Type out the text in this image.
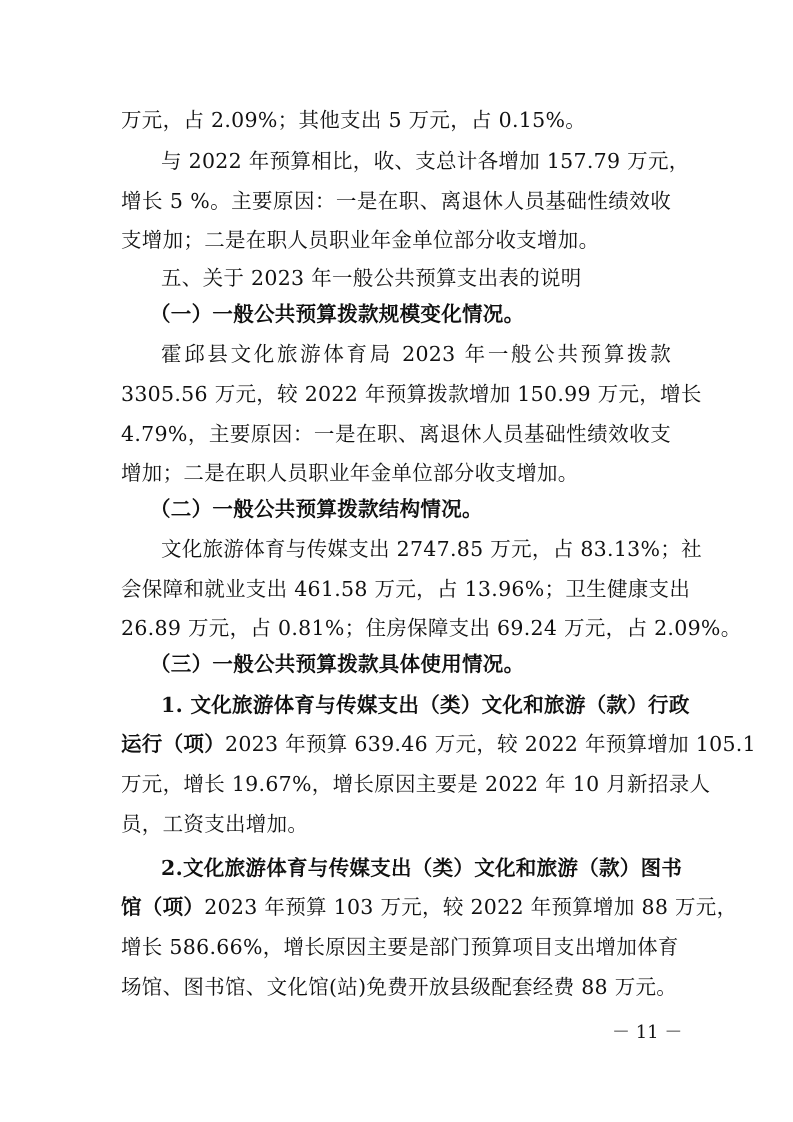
万元，占 2.09%；其他支出 5 万元，占 0.15%。
与 2022 年预算相比，收、支总计各增加 157.79 万元，
增长 5 %。主要原因：一是在职、离退休人员基础性绩效收
支增加；二是在职人员职业年金单位部分收支增加。
五、关于 2023 年一般公共预算支出表的说明
（一）一般公共预算拨款规模变化情况。
霍邱县文化旅游体育局 2023 年一般公共预算拨款
3305.56 万元，较 2022 年预算拨款增加 150.99 万元，增长
4.79%，主要原因：一是在职、离退休人员基础性绩效收支
增加；二是在职人员职业年金单位部分收支增加。
（二）一般公共预算拨款结构情况。
文化旅游体育与传媒支出 2747.85 万元，占 83.13%；社
会保障和就业支出 461.58 万元，占 13.96%；卫生健康支出
26.89 万元，占 0.81%；住房保障支出 69.24 万元，占 2.09%。
（三）一般公共预算拨款具体使用情况。
1. 文化旅游体育与传媒支出（类）文化和旅游（款）行政
运行（项）2023 年预算 639.46 万元，较 2022 年预算增加 105.1
万元，增长 19.67%，增长原因主要是 2022 年 10 月新招录人
员，工资支出增加。
2.文化旅游体育与传媒支出（类）文化和旅游（款）图书
馆（项）2023 年预算 103 万元，较 2022 年预算增加 88 万元，
增长 586.66%，增长原因主要是部门预算项目支出增加体育
场馆、图书馆、文化馆(站)免费开放县级配套经费 88 万元。
－ 11 －
